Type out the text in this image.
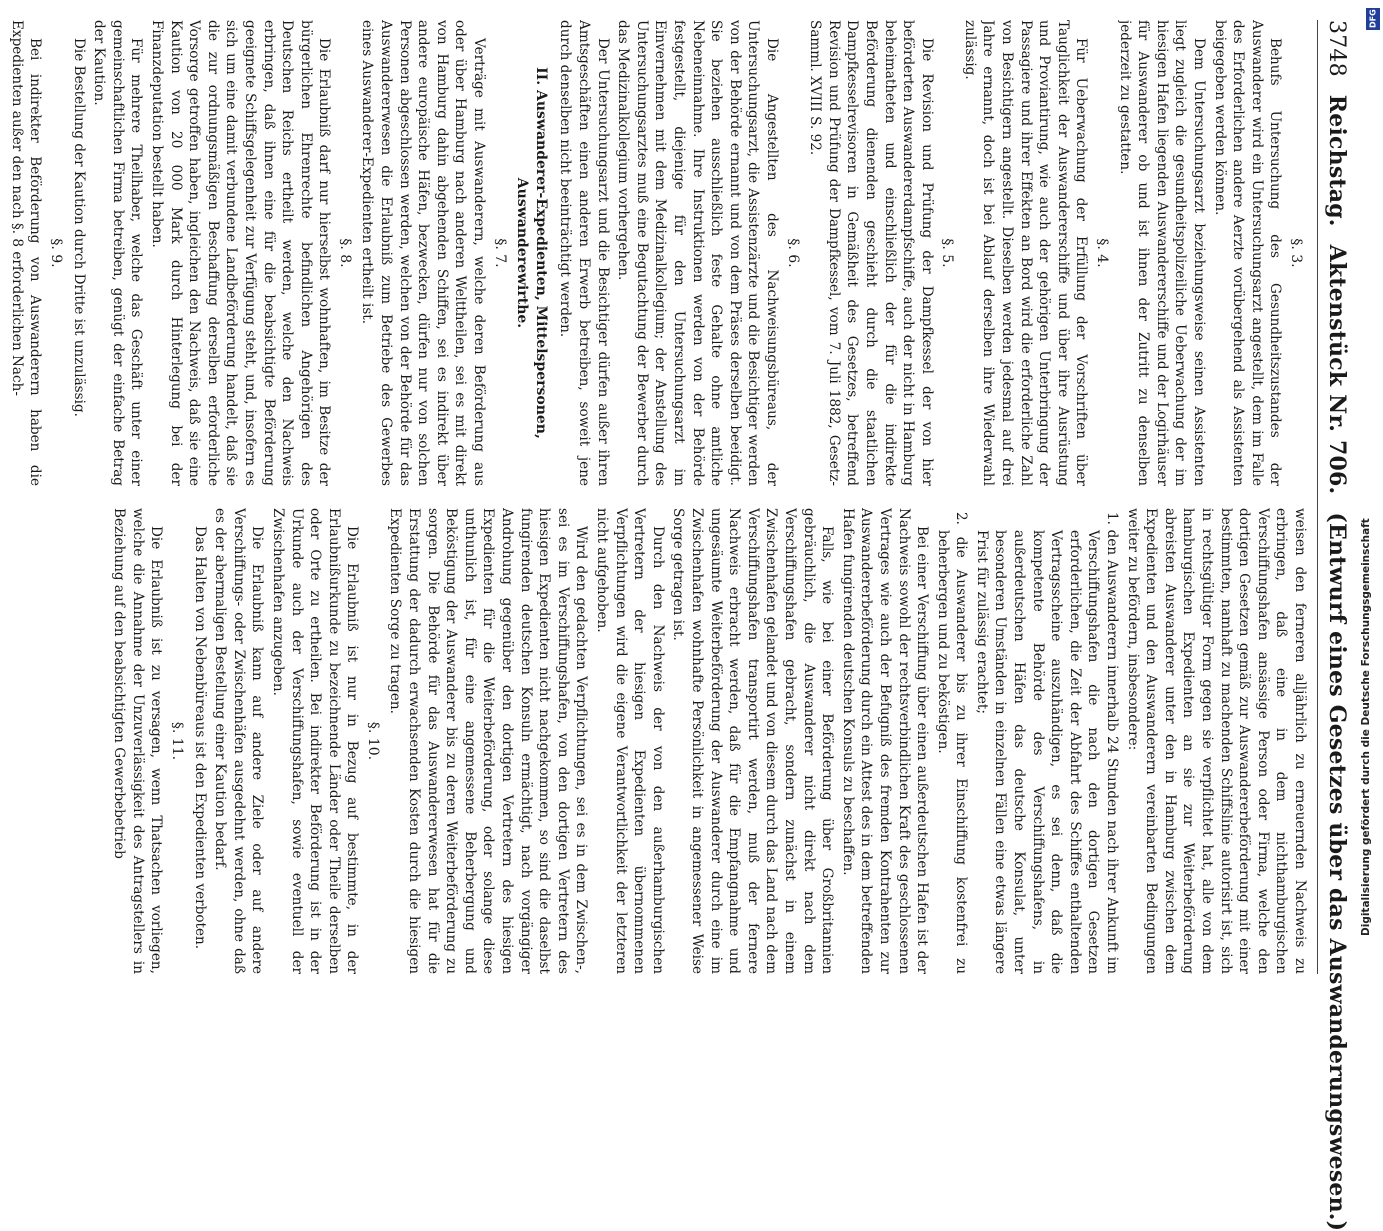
3748
Reichstag.
Aktenstück Nr. 706.
(Entwurf eines Gesetzes über das Auswanderungswesen.)
§. 3.

Behufs Untersuchung des Gesundheitszustandes der Auswanderer wird ein Untersuchungsarzt angestellt, dem im Falle des Erforderlichen andere Aerzte vorübergehend als Assistenten beigegeben werden können.

Dem Untersuchungsarzt beziehungsweise seinen Assistenten liegt zugleich die gesundheitspolizeiliche Ueberwachung der im hiesigen Hafen liegenden Auswandererschiffe und der Logirhäuser für Auswanderer ob und ist ihnen der Zutritt zu denselben jederzeit zu gestatten.

§. 4.

Für Ueberwachung der Erfüllung der Vorschriften über Tauglichkeit der Auswandererschiffe und über ihre Ausrüstung und Proviantirung, wie auch der gehörigen Unterbringung der Passagiere und ihrer Effekten an Bord wird die erforderliche Zahl von Besichtigern angestellt. Dieselben werden jedesmal auf drei Jahre ernannt, doch ist bei Ablauf derselben ihre Wiederwahl zulässig.

§. 5.

Die Revision und Prüfung der Dampfkessel der von hier beförderten Auswandererdampfschiffe, auch der nicht in Hamburg beheimatheten und einschließlich der für die indirekte Beförderung dienenden geschieht durch die staatlichen Dampfkesselrevisoren in Gemäßheit des Gesetzes, betreffend Revision und Prüfung der Dampfkessel, vom 7. Juli 1882, Gesetz-Samml. XVIII S. 92.

§. 6.

Die Angestellten des Nachweisungsbüreaus, der Untersuchungsarzt, die Assistenzärzte und die Besichtiger werden von der Behörde ernannt und von dem Präses derselben beeidigt. Sie beziehen ausschließlich feste Gehalte ohne amtliche Nebeneinnahme. Ihre Instruktionen werden von der Behörde festgestellt, diejenige für den Untersuchungsarzt im Einvernehmen mit dem Medizinalkollegium; der Anstellung des Untersuchungsarztes muß eine Begutachtung der Bewerber durch das Medizinalkollegium vorhergehen.

Der Untersuchungsarzt und die Besichtiger dürfen außer ihren Amtsgeschäften einen anderen Erwerb betreiben, soweit jene durch denselben nicht beeinträchtigt werden.

II. Auswanderer-Expedienten, Mittelspersonen, Auswanderewirthe.
§. 7.

Verträge mit Auswanderern, welche deren Beförderung aus oder über Hamburg nach anderen Welttheilen, sei es mit direkt von Hamburg dahin abgehenden Schiffen, sei es indirekt über andere europäische Häfen, bezwecken, dürfen nur von solchen Personen abgeschlossen werden, welchen von der Behörde für das Auswandererwesen die Erlaubniß zum Betriebe des Gewerbes eines Auswanderer-Expedienten ertheilt ist.

§. 8.

Die Erlaubniß darf nur hierselbst wohnhaften, im Besitze der bürgerlichen Ehrenrechte befindlichen Angehörigen des Deutschen Reichs ertheilt werden, welche den Nachweis erbringen, daß ihnen eine für die beabsichtigte Beförderung geeignete Schiffsgelegenheit zur Verfügung steht, und, insofern es sich um eine damit verbundene Landbeförderung handelt, daß sie die zur ordnungsmäßigen Beschaffung derselben erforderliche Vorsorge getroffen haben, ingleichen den Nachweis, daß sie eine Kaution von 20 000 Mark durch Hinterlegung bei der Finanzdeputation bestellt haben.

Für mehrere Theilhaber, welche das Geschäft unter einer gemeinschaftlichen Firma betreiben, genügt der einfache Betrag der Kaution.

Die Bestellung der Kaution durch Dritte ist unzulässig.

§. 9.

Bei indirekter Beförderung von Auswanderern haben die Expedienten außer den nach §. 8 erforderlichen Nach-

weisen den ferneren alljährlich zu erneuernden Nachweis zu erbringen, daß eine in dem nichthamburgischen Verschiffungshafen ansässige Person oder Firma, welche den dortigen Gesetzen gemäß zur Auswandererbeförderung mit einer bestimmten, namhaft zu machenden Schiffslinie autorisirt ist, sich in rechtsgültiger Form gegen sie verpflichtet hat, alle von dem hamburgischen Expedienten an sie zur Weiterbeförderung abreisten Auswanderer unter den in Hamburg zwischen dem Expedienten und den Auswanderern vereinbarten Bedingungen weiter zu befördern, insbesondere:

1. den Auswanderern innerhalb 24 Stunden nach ihrer Ankunft im Verschiffungshafen die nach den dortigen Gesetzen erforderlichen, die Zeit der Abfahrt des Schiffes enthaltenden Vertragsscheine auszuhändigen, es sei denn, daß die kompetente Behörde des Verschiffungshafens, in außerdeutschen Häfen das deutsche Konsulat, unter besonderen Umständen in einzelnen Fällen eine etwas längere Frist für zulässig erachtet;
2. die Auswanderer bis zu ihrer Einschiffung kostenfrei zu beherbergen und zu beköstigen.

Bei einer Verschiffung über einen außerdeutschen Hafen ist der Nachweis sowohl der rechtsverbindlichen Kraft des geschlossenen Vertrages wie auch der Befugniß des fremden Kontrahenten zur Auswandererbeförderung durch ein Attest des in dem betreffenden Hafen fungirenden deutschen Konsuls zu beschaffen.

Falls, wie bei einer Beförderung über Großbritannien gebräuchlich, die Auswanderer nicht direkt nach dem Verschiffungshafen gebracht, sondern zunächst in einem Zwischenhafen gelandet und von diesem durch das Land nach dem Verschiffungshafen transportirt werden, muß der fernere Nachweis erbracht werden, daß für die Empfangnahme und ungesäumte Weiterbeförderung der Auswanderer durch eine im Zwischenhafen wohnhafte Persönlichkeit in angemessener Weise Sorge getragen ist.

Durch den Nachweis der von den außerhamburgischen Vertretern der hiesigen Expedienten übernommenen Verpflichtungen wird die eigene Verantwortlichkeit der letzteren nicht aufgehoben.

Wird den gedachten Verpflichtungen, sei es in dem Zwischen-, sei es im Verschiffungshafen, von den dortigen Vertretern des hiesigen Expedienten nicht nachgekommen, so sind die daselbst fungirenden deutschen Konsuln ermächtigt, nach vorgängiger Androhung gegenüber den dortigen Vertretern des hiesigen Expedienten für die Weiterbeförderung, oder solange diese unthunlich ist, für eine angemessene Beherbergung und Beköstigung der Auswanderer bis zu deren Weiterbeförderung zu sorgen. Die Behörde für das Auswandererwesen hat für die Erstattung der dadurch erwachsenden Kosten durch die hiesigen Expedienten Sorge zu tragen.

§. 10.

Die Erlaubniß ist nur in Bezug auf bestimmte, in der Erlaubnißurkunde zu bezeichnende Länder oder Theile derselben oder Orte zu ertheilen. Bei indirekter Beförderung ist in der Urkunde auch der Verschiffungshafen, sowie eventuell der Zwischenhafen anzugeben.

Die Erlaubniß kann auf andere Ziele oder auf andere Verschiffungs- oder Zwischenhäfen ausgedehnt werden, ohne daß es der abermaligen Bestellung einer Kaution bedarf.

Das Halten von Nebenbüreaus ist den Expedienten verboten.

§. 11.

Die Erlaubniß ist zu versagen, wenn Thatsachen vorliegen, welche die Annahme der Unzuverlässigkeit des Antragstellers in Beziehung auf den beabsichtigten Gewerbebetrieb

DFG
Digitalisierung gefördert durch die Deutsche Forschungsgemeinschaft
